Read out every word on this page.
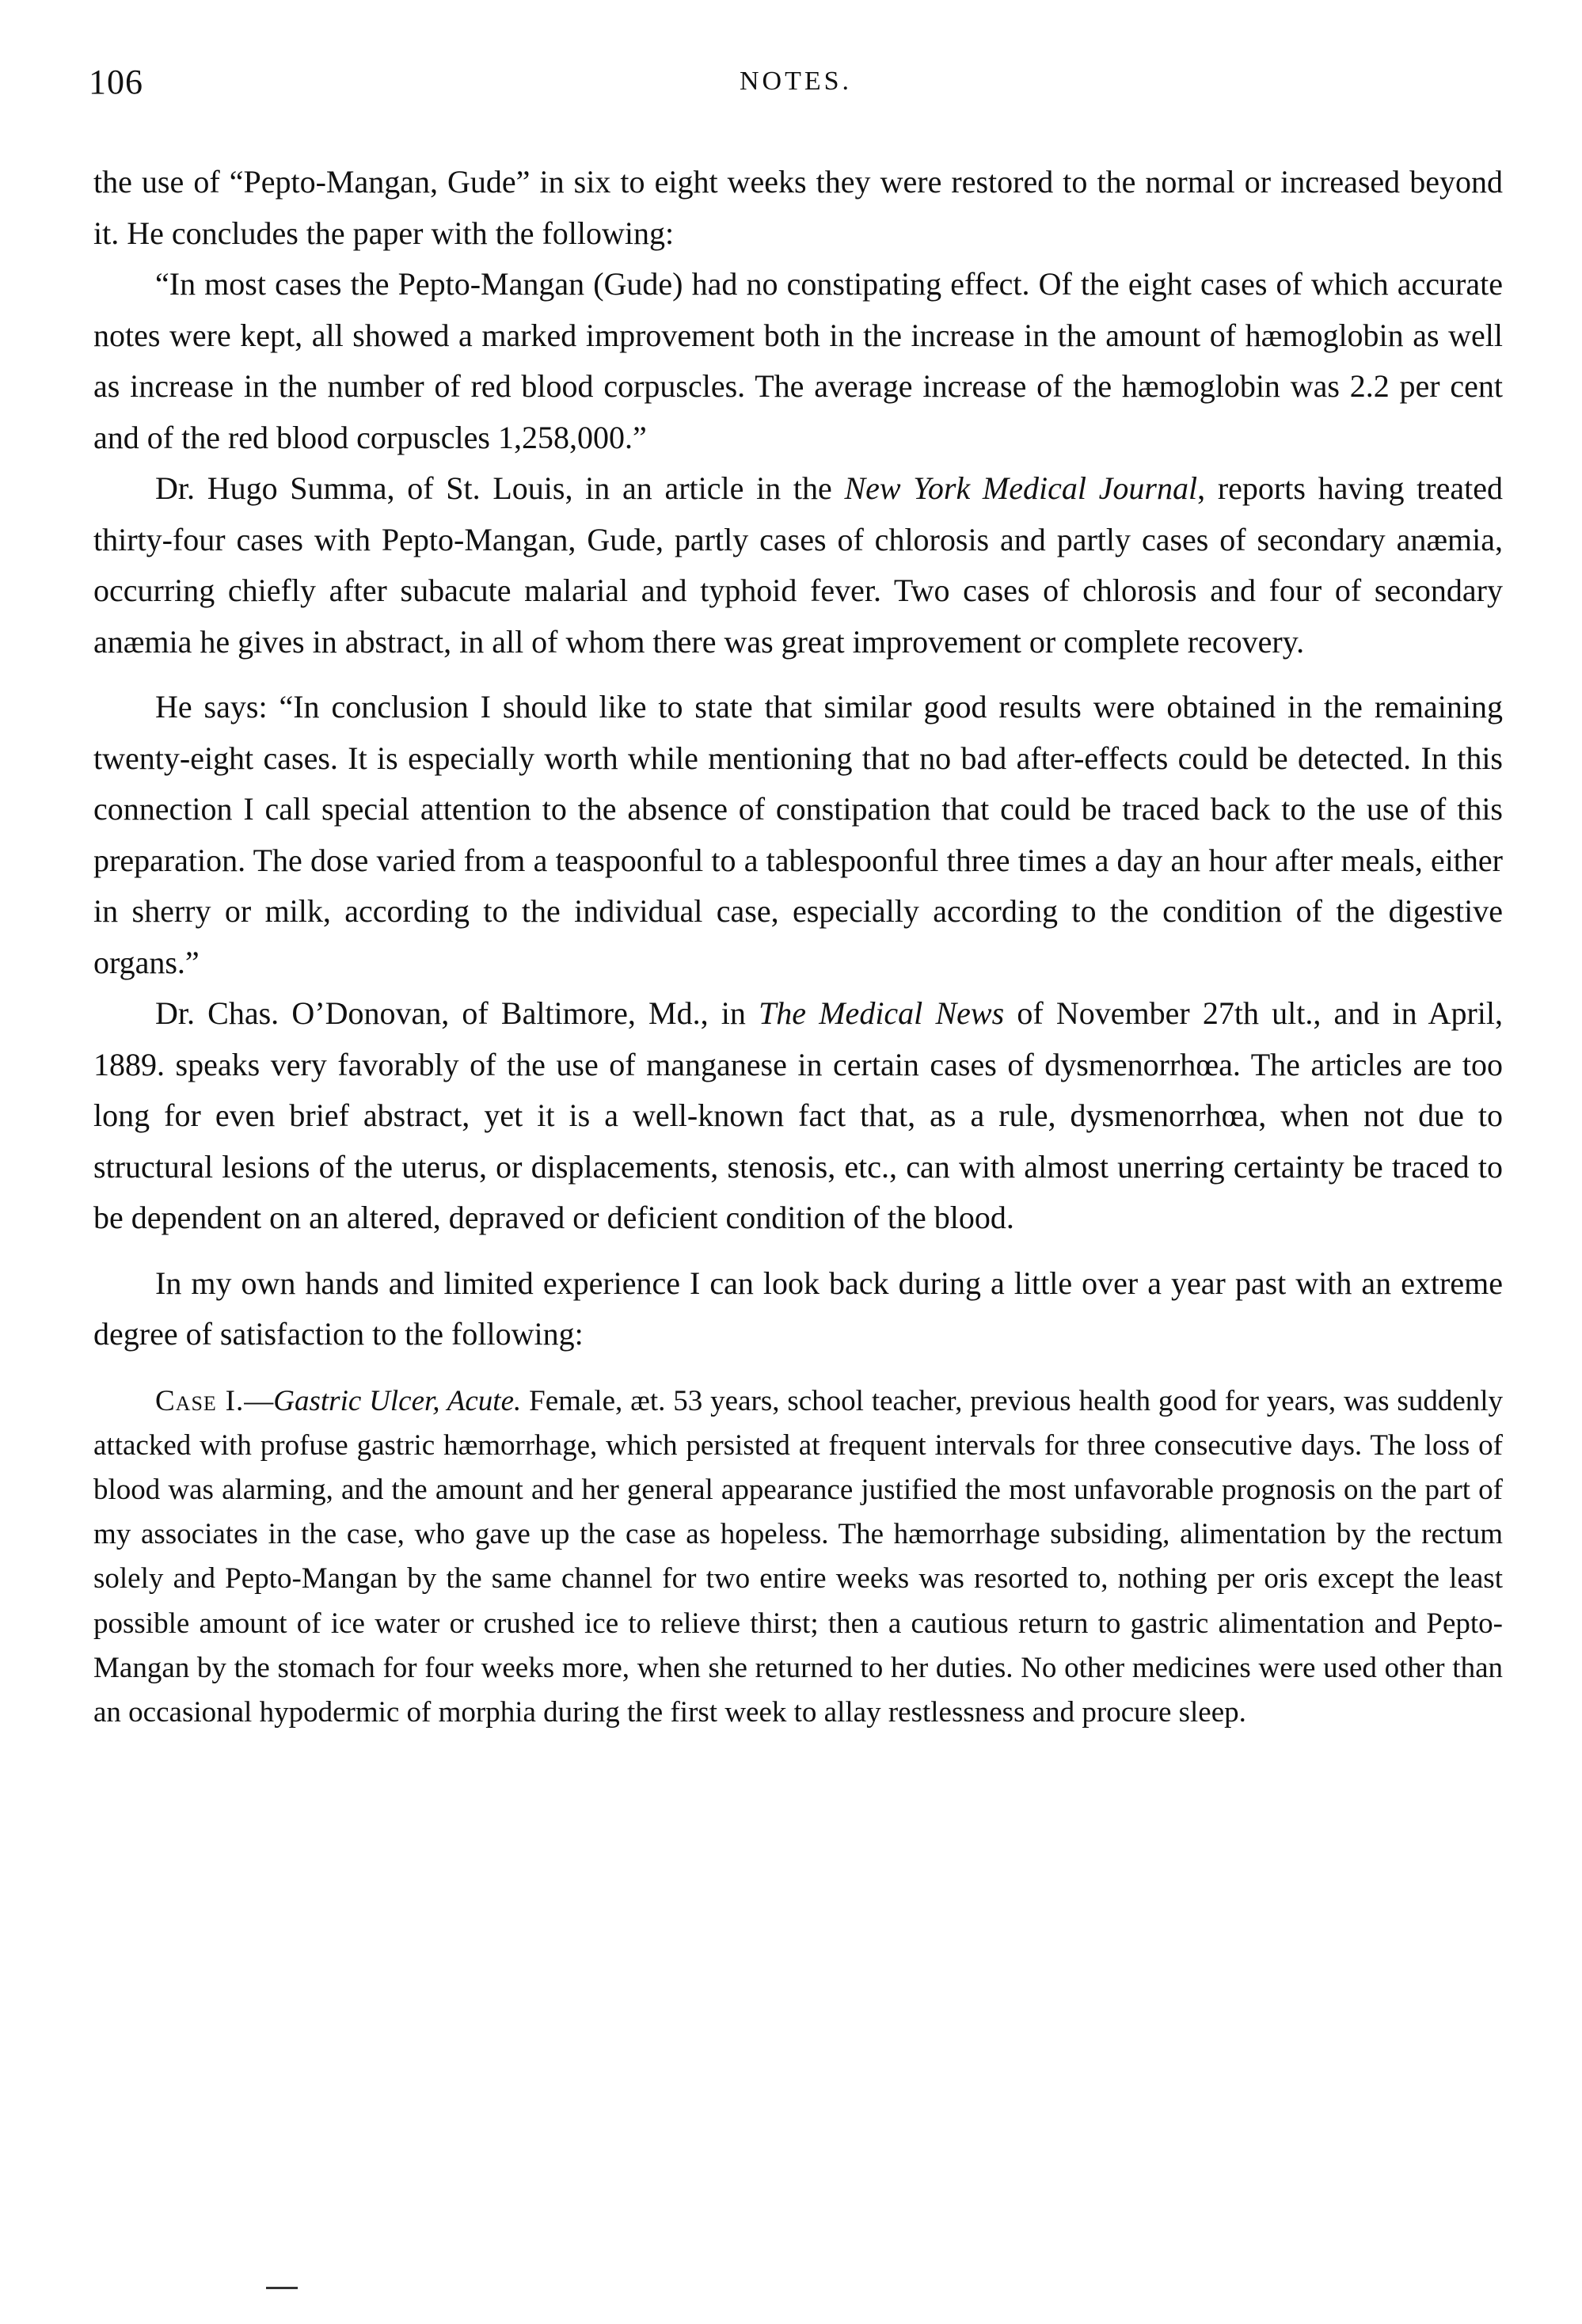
106	NOTES.

the use of “Pepto-Mangan, Gude” in six to eight weeks they were restored to the normal or increased beyond it. He concludes the paper with the following:

“In most cases the Pepto-Mangan (Gude) had no constipating effect. Of the eight cases of which accurate notes were kept, all showed a marked improvement both in the increase in the amount of hæmoglobin as well as increase in the number of red blood corpuscles. The average increase of the hæmoglobin was 2.2 per cent and of the red blood corpuscles 1,258,000.”

Dr. Hugo Summa, of St. Louis, in an article in the New York Medical Journal, reports having treated thirty-four cases with Pepto-Mangan, Gude, partly cases of chlorosis and partly cases of secondary anæmia, occurring chiefly after subacute malarial and typhoid fever. Two cases of chlorosis and four of secondary anæmia he gives in abstract, in all of whom there was great improvement or complete recovery.

He says: “In conclusion I should like to state that similar good results were obtained in the remaining twenty-eight cases. It is especially worth while mentioning that no bad after-effects could be detected. In this connection I call special attention to the absence of constipation that could be traced back to the use of this preparation. The dose varied from a teaspoonful to a tablespoonful three times a day an hour after meals, either in sherry or milk, according to the individual case, especially according to the condition of the digestive organs.”

Dr. Chas. O’Donovan, of Baltimore, Md., in The Medical News of November 27th ult., and in April, 1889. speaks very favorably of the use of manganese in certain cases of dysmenorrhœa. The articles are too long for even brief abstract, yet it is a well-known fact that, as a rule, dysmenorrhœa, when not due to structural lesions of the uterus, or displacements, stenosis, etc., can with almost unerring certainty be traced to be dependent on an altered, depraved or deficient condition of the blood.

In my own hands and limited experience I can look back during a little over a year past with an extreme degree of satisfaction to the following:

Case I.—Gastric Ulcer, Acute. Female, æt. 53 years, school teacher, previous health good for years, was suddenly attacked with profuse gastric hæmorrhage, which persisted at frequent intervals for three consecutive days. The loss of blood was alarming, and the amount and her general appearance justified the most unfavorable prognosis on the part of my associates in the case, who gave up the case as hopeless. The hæmorrhage subsiding, alimentation by the rectum solely and Pepto-Mangan by the same channel for two entire weeks was resorted to, nothing per oris except the least possible amount of ice water or crushed ice to relieve thirst; then a cautious return to gastric alimentation and Pepto-Mangan by the stomach for four weeks more, when she returned to her duties. No other medicines were used other than an occasional hypodermic of morphia during the first week to allay restlessness and procure sleep.
